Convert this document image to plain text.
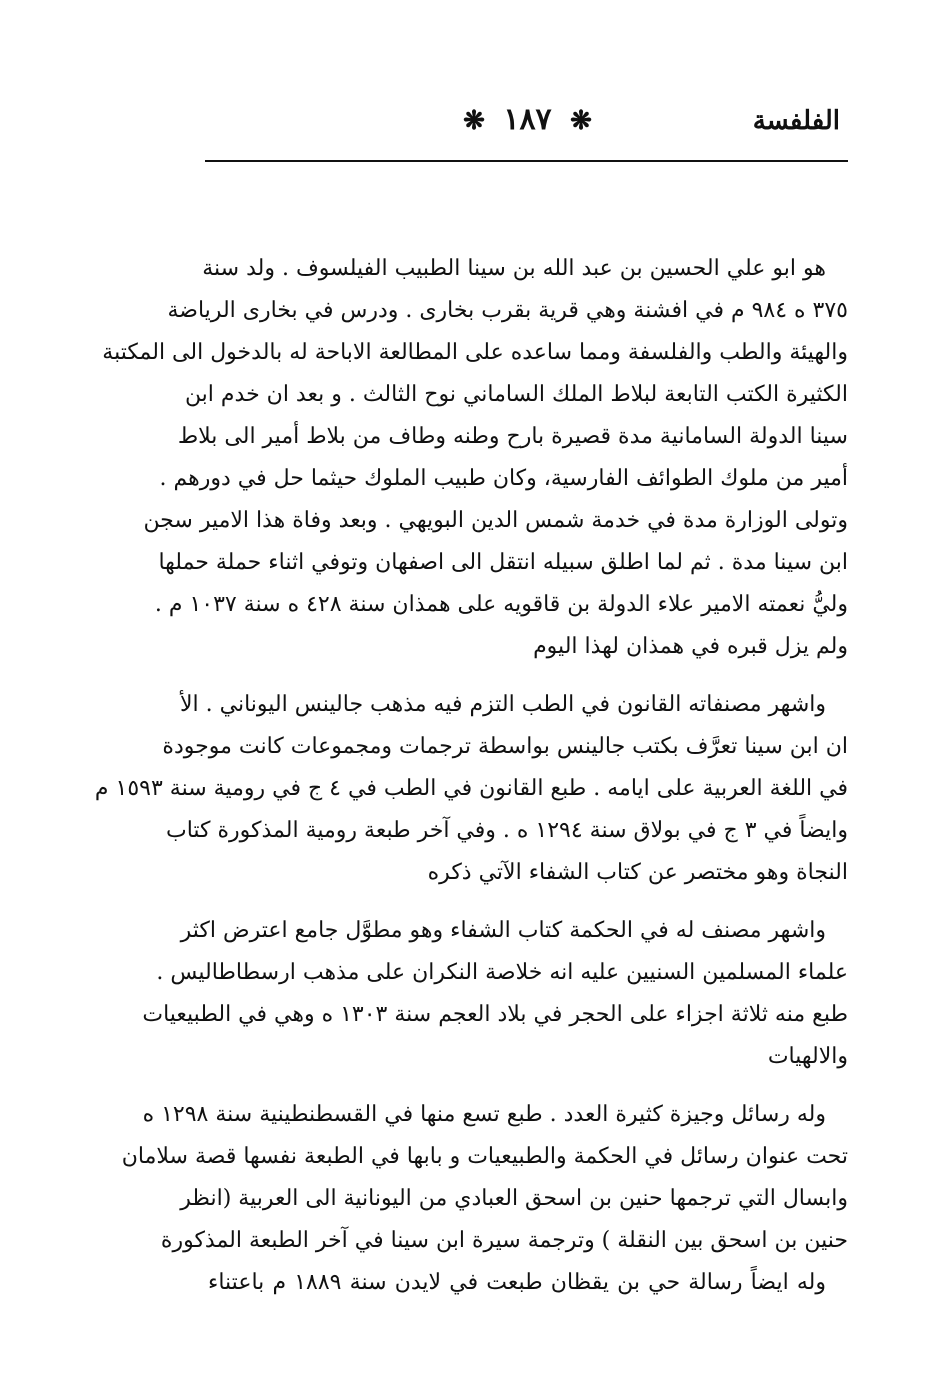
الفلفسة
❋ ١٨٧ ❋
هو ابو علي الحسين بن عبد الله بن سينا الطبيب الفيلسوف . ولد سنة
٣٧٥ ه ٩٨٤ م في افشنة وهي قرية بقرب بخارى . ودرس في بخارى الرياضة
والهيئة والطب والفلسفة ومما ساعده على المطالعة الاباحة له بالدخول الى المكتبة
الكثيرة الكتب التابعة لبلاط الملك الساماني نوح الثالث . و بعد ان خدم ابن
سينا الدولة السامانية مدة قصيرة بارح وطنه وطاف من بلاط أمير الى بلاط
أمير من ملوك الطوائف الفارسية، وكان طبيب الملوك حيثما حل في دورهم .
وتولى الوزارة مدة في خدمة شمس الدين البويهي . وبعد وفاة هذا الامير سجن
ابن سينا مدة . ثم لما اطلق سبيله انتقل الى اصفهان وتوفي اثناء حملة حملها
وليُّ نعمته الامير علاء الدولة بن قاقويه على همذان سنة ٤٢٨ ه سنة ١٠٣٧ م .
ولم يزل قبره في همذان لهذا اليوم
واشهر مصنفاته القانون في الطب التزم فيه مذهب جالينس اليوناني . الأ
ان ابن سينا تعرَّف بكتب جالينس بواسطة ترجمات ومجموعات كانت موجودة
في اللغة العربية على ايامه . طبع القانون في الطب في ٤ ج في رومية سنة ١٥٩٣ م
وايضاً في ٣ ج في بولاق سنة ١٢٩٤ ه . وفي آخر طبعة رومية المذكورة كتاب
النجاة وهو مختصر عن كتاب الشفاء الآتي ذكره
واشهر مصنف له في الحكمة كتاب الشفاء وهو مطوَّل جامع اعترض اكثر
علماء المسلمين السنيين عليه انه خلاصة النكران على مذهب ارسطاطاليس .
طبع منه ثلاثة اجزاء على الحجر في بلاد العجم سنة ١٣٠٣ ه وهي في الطبيعيات
والالهيات
وله رسائل وجيزة كثيرة العدد . طبع تسع منها في القسطنطينية سنة ١٢٩٨ ه
تحت عنوان رسائل في الحكمة والطبيعيات و بابها في الطبعة نفسها قصة سلامان
وابسال التي ترجمها حنين بن اسحق العبادي من اليونانية الى العربية (انظر
حنين بن اسحق بين النقلة ) وترجمة سيرة ابن سينا في آخر الطبعة المذكورة
وله ايضاً رسالة حي بن يقظان طبعت في لايدن سنة ١٨٨٩ م باعتناء
